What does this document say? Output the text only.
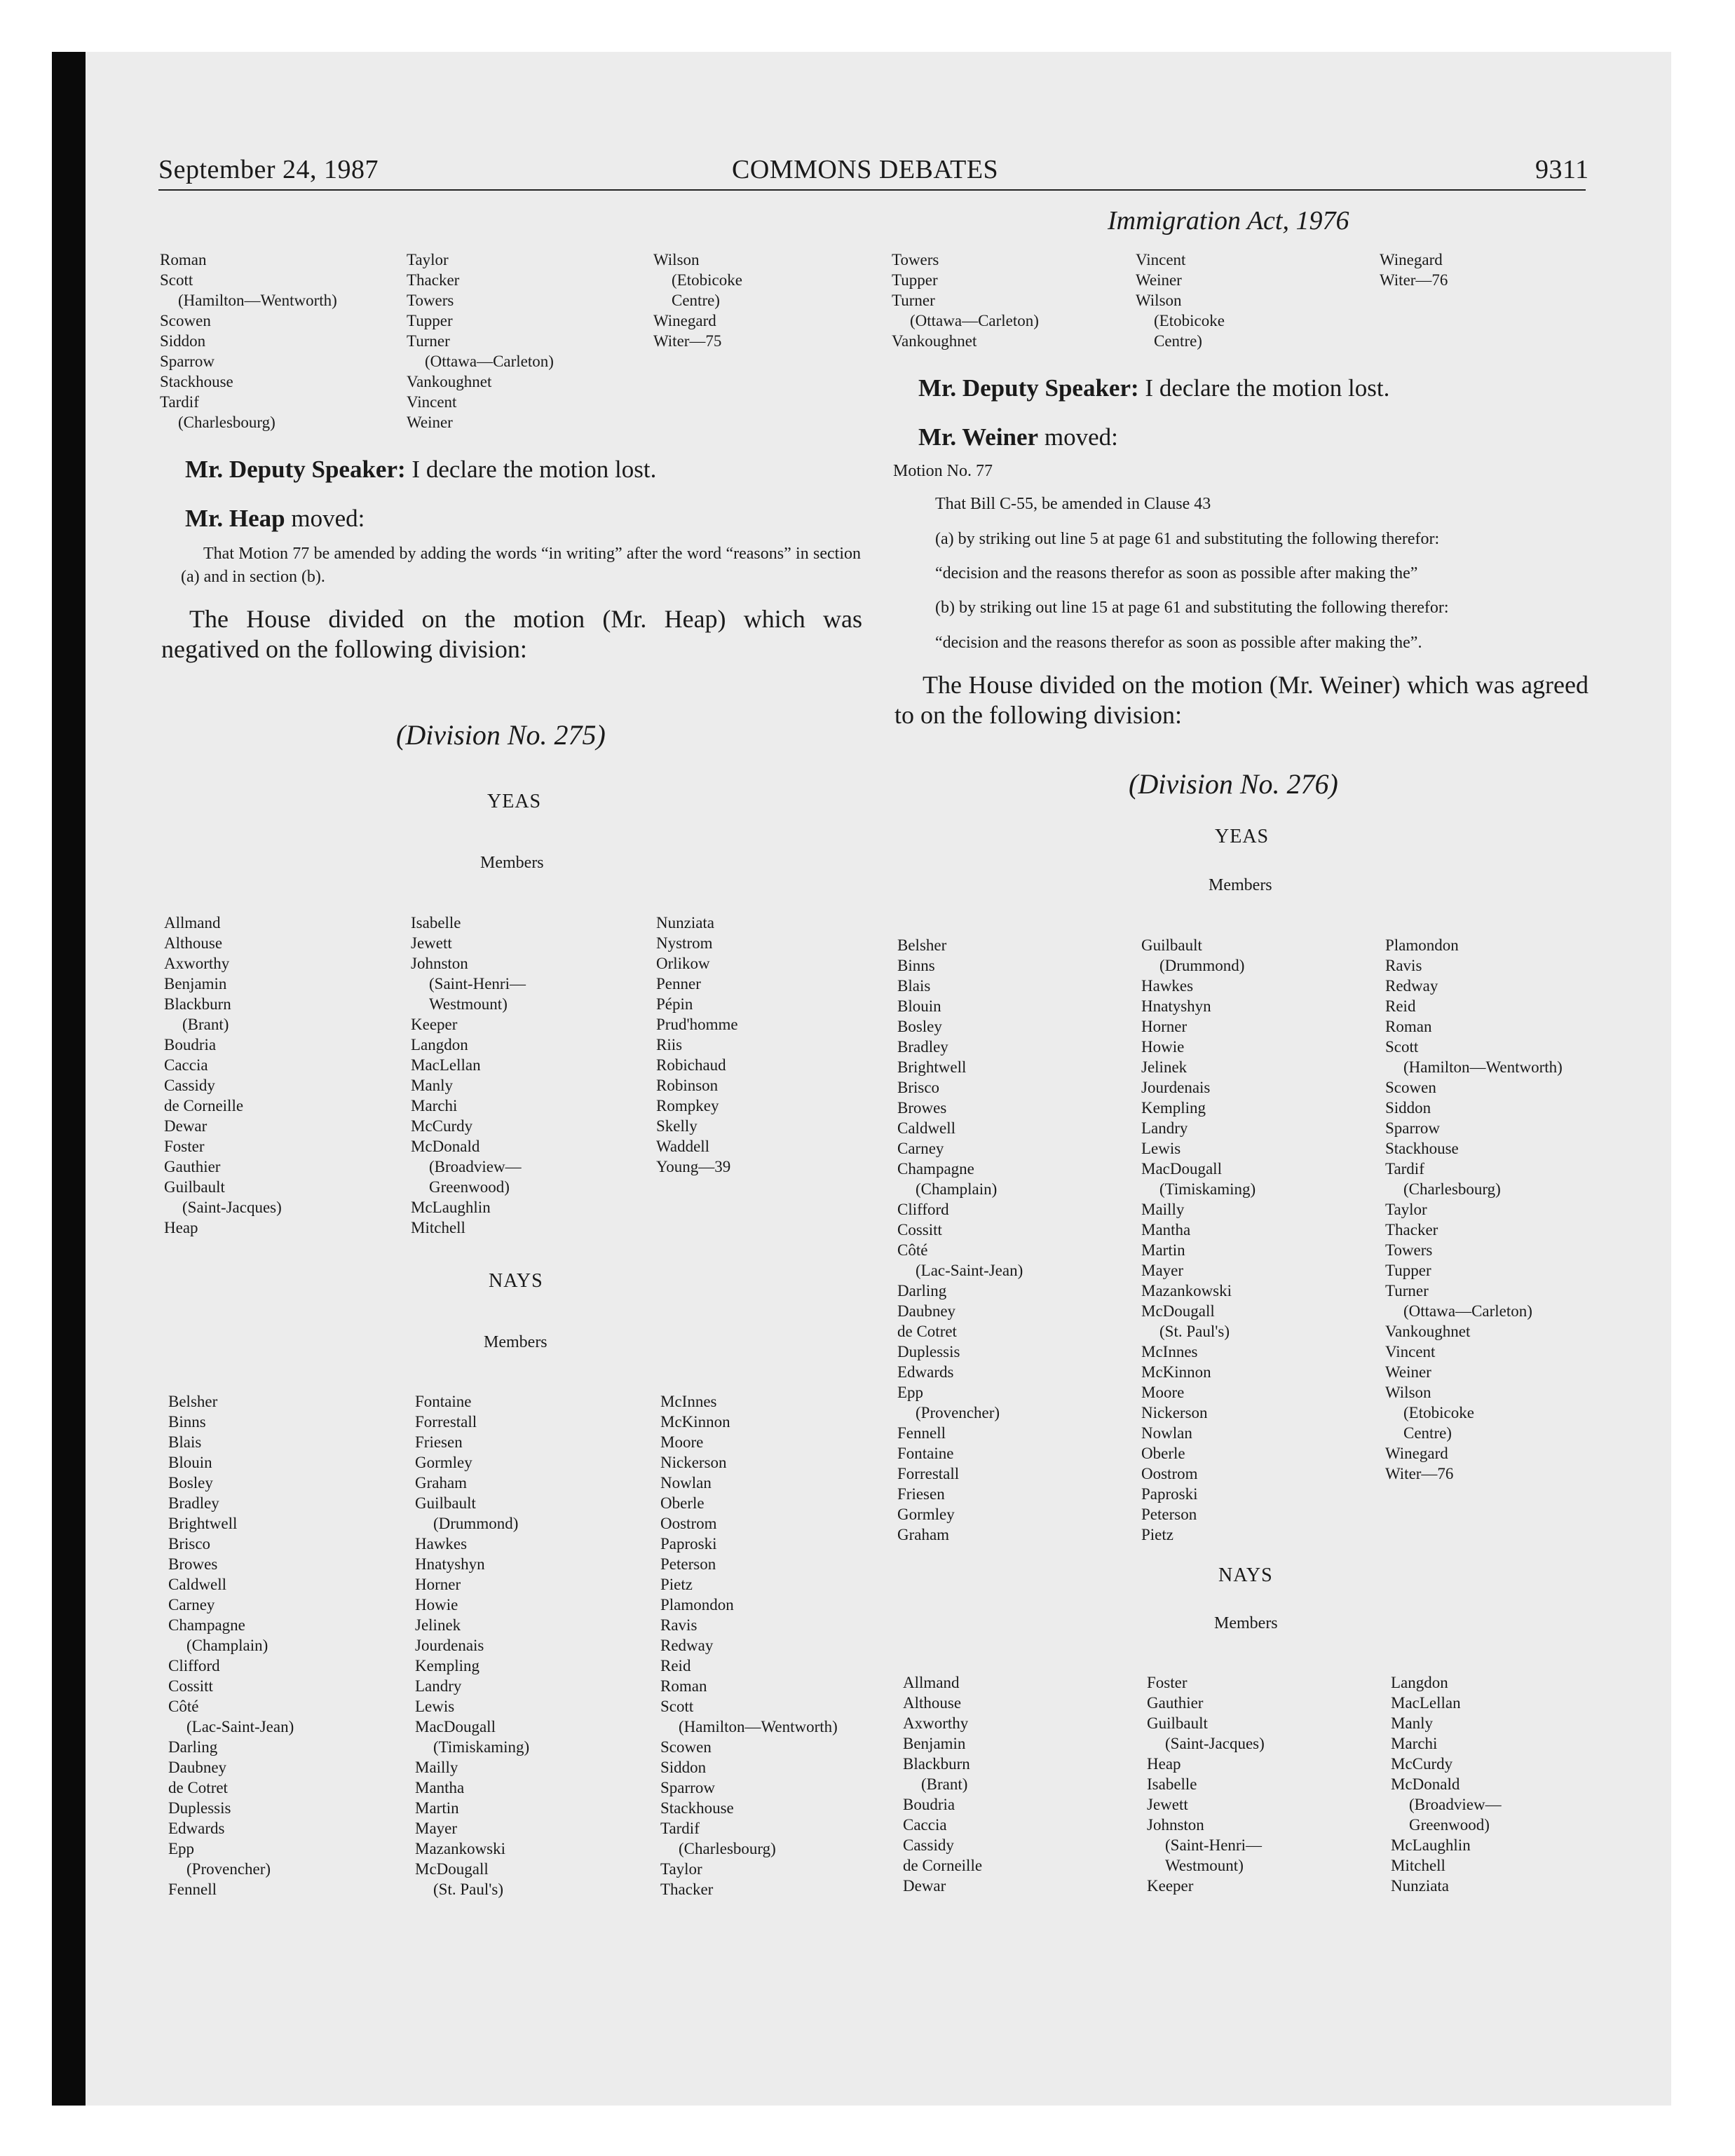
September 24, 1987	COMMONS DEBATES	9311
Immigration Act, 1976
Roman
Scott
(Hamilton—Wentworth)
Scowen
Siddon
Sparrow
Stackhouse
Tardif
(Charlesbourg)
Taylor
Thacker
Towers
Tupper
Turner
(Ottawa—Carleton)
Vankoughnet
Vincent
Weiner
Wilson
(Etobicoke
Centre)
Winegard
Witer—75
Mr. Deputy Speaker: I declare the motion lost.
Mr. Heap moved:
That Motion 77 be amended by adding the words “in writing” after the word “reasons” in section (a) and in section (b).
The House divided on the motion (Mr. Heap) which was negatived on the following division:
(Division No. 275)
YEAS
Members
Allmand
Althouse
Axworthy
Benjamin
Blackburn
(Brant)
Boudria
Caccia
Cassidy
de Corneille
Dewar
Foster
Gauthier
Guilbault
(Saint-Jacques)
Heap
Isabelle
Jewett
Johnston
(Saint-Henri—
Westmount)
Keeper
Langdon
MacLellan
Manly
Marchi
McCurdy
McDonald
(Broadview—
Greenwood)
McLaughlin
Mitchell
Nunziata
Nystrom
Orlikow
Penner
Pépin
Prud'homme
Riis
Robichaud
Robinson
Rompkey
Skelly
Waddell
Young—39
NAYS
Members
Belsher
Binns
Blais
Blouin
Bosley
Bradley
Brightwell
Brisco
Browes
Caldwell
Carney
Champagne
(Champlain)
Clifford
Cossitt
Côté
(Lac-Saint-Jean)
Darling
Daubney
de Cotret
Duplessis
Edwards
Epp
(Provencher)
Fennell
Fontaine
Forrestall
Friesen
Gormley
Graham
Guilbault
(Drummond)
Hawkes
Hnatyshyn
Horner
Howie
Jelinek
Jourdenais
Kempling
Landry
Lewis
MacDougall
(Timiskaming)
Mailly
Mantha
Martin
Mayer
Mazankowski
McDougall
(St. Paul's)
McInnes
McKinnon
Moore
Nickerson
Nowlan
Oberle
Oostrom
Paproski
Peterson
Pietz
Plamondon
Ravis
Redway
Reid
Roman
Scott
(Hamilton—Wentworth)
Scowen
Siddon
Sparrow
Stackhouse
Tardif
(Charlesbourg)
Taylor
Thacker
Towers
Tupper
Turner
(Ottawa—Carleton)
Vankoughnet
Vincent
Weiner
Wilson
(Etobicoke
Centre)
Winegard
Witer—76
Mr. Deputy Speaker: I declare the motion lost.
Mr. Weiner moved:
Motion No. 77
That Bill C-55, be amended in Clause 43
(a) by striking out line 5 at page 61 and substituting the following therefor:
“decision and the reasons therefor as soon as possible after making the”
(b) by striking out line 15 at page 61 and substituting the following therefor:
“decision and the reasons therefor as soon as possible after making the”.
The House divided on the motion (Mr. Weiner) which was agreed to on the following division:
(Division No. 276)
YEAS
Members
Belsher
Binns
Blais
Blouin
Bosley
Bradley
Brightwell
Brisco
Browes
Caldwell
Carney
Champagne
(Champlain)
Clifford
Cossitt
Côté
(Lac-Saint-Jean)
Darling
Daubney
de Cotret
Duplessis
Edwards
Epp
(Provencher)
Fennell
Fontaine
Forrestall
Friesen
Gormley
Graham
Guilbault
(Drummond)
Hawkes
Hnatyshyn
Horner
Howie
Jelinek
Jourdenais
Kempling
Landry
Lewis
MacDougall
(Timiskaming)
Mailly
Mantha
Martin
Mayer
Mazankowski
McDougall
(St. Paul's)
McInnes
McKinnon
Moore
Nickerson
Nowlan
Oberle
Oostrom
Paproski
Peterson
Pietz
Plamondon
Ravis
Redway
Reid
Roman
Scott
(Hamilton—Wentworth)
Scowen
Siddon
Sparrow
Stackhouse
Tardif
(Charlesbourg)
Taylor
Thacker
Towers
Tupper
Turner
(Ottawa—Carleton)
Vankoughnet
Vincent
Weiner
Wilson
(Etobicoke
Centre)
Winegard
Witer—76
NAYS
Members
Allmand
Althouse
Axworthy
Benjamin
Blackburn
(Brant)
Boudria
Caccia
Cassidy
de Corneille
Dewar
Foster
Gauthier
Guilbault
(Saint-Jacques)
Heap
Isabelle
Jewett
Johnston
(Saint-Henri—
Westmount)
Keeper
Langdon
MacLellan
Manly
Marchi
McCurdy
McDonald
(Broadview—
Greenwood)
McLaughlin
Mitchell
Nunziata
